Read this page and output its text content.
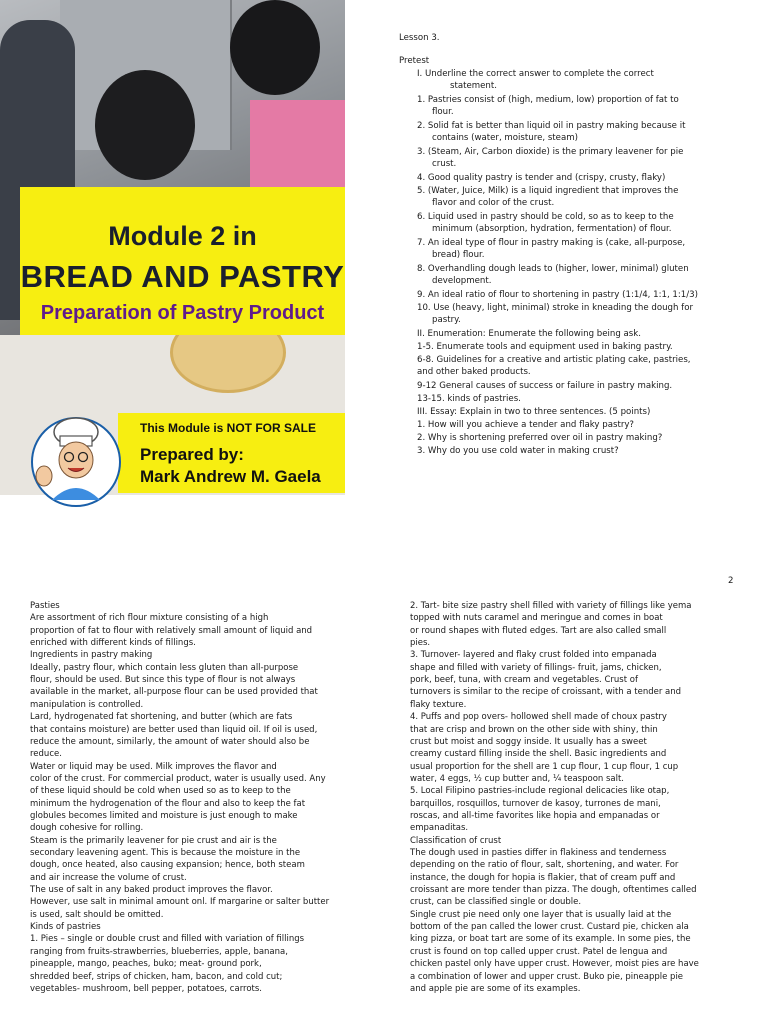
Module 2 in
BREAD AND PASTRY
Preparation of Pastry Product
This Module is NOT FOR SALE
Prepared by:
Mark Andrew M. Gaela
Lesson 3.
Pretest
I. Underline the correct answer to complete the correct
statement.
1. Pastries consist of (high, medium, low) proportion of fat to
flour.
2. Solid fat is better than liquid oil in pastry making because it
contains (water, moisture, steam)
3. (Steam, Air, Carbon dioxide) is the primary leavener for pie
crust.
4. Good quality pastry is tender and (crispy, crusty, flaky)
5. (Water, Juice, Milk) is a liquid ingredient that improves the
flavor and color of the crust.
6. Liquid used in pastry should be cold, so as to keep to the
minimum (absorption, hydration, fermentation) of flour.
7. An ideal type of flour in pastry making is (cake, all-purpose,
bread) flour.
8. Overhandling dough leads to (higher, lower, minimal) gluten
development.
9. An ideal ratio of flour to shortening in pastry (1:1/4, 1:1, 1:1/3)
10. Use (heavy, light, minimal) stroke in kneading the dough for
pastry.
II. Enumeration: Enumerate the following being ask.
1-5. Enumerate tools and equipment used in baking pastry.
6-8. Guidelines for a creative and artistic plating cake, pastries,
and other baked products.
9-12 General causes of success or failure in pastry making.
13-15. kinds of pastries.
III. Essay: Explain in two to three sentences. (5 points)
1. How will you achieve a tender and flaky pastry?
2. Why is shortening preferred over oil in pastry making?
3. Why do you use cold water in making crust?
2
Pasties
Are assortment of rich flour mixture consisting of a high
proportion of fat to flour with relatively small amount of liquid and
enriched with different kinds of fillings.
Ingredients in pastry making
Ideally, pastry flour, which contain less gluten than all-purpose
flour, should be used. But since this type of flour is not always
available in the market, all-purpose flour can be used provided that
manipulation is controlled.
Lard, hydrogenated fat shortening, and butter (which are fats
that contains moisture) are better used than liquid oil. If oil is used,
reduce the amount, similarly, the amount of water should also be
reduce.
Water or liquid may be used. Milk improves the flavor and
color of the crust. For commercial product, water is usually used. Any
of these liquid should be cold when used so as to keep to the
minimum the hydrogenation of the flour and also to keep the fat
globules becomes limited and moisture is just enough to make
dough cohesive for rolling.
Steam is the primarily leavener for pie crust and air is the
secondary leavening agent. This is because the moisture in the
dough, once heated, also causing expansion; hence, both steam
and air increase the volume of crust.
The use of salt in any baked product improves the flavor.
However, use salt in minimal amount onl. If margarine or salter butter
is used, salt should be omitted.
Kinds of pastries
1. Pies – single or double crust and filled with variation of fillings
ranging from fruits-strawberries, blueberries, apple, banana,
pineapple, mango, peaches, buko; meat- ground pork,
shredded beef, strips of chicken, ham, bacon, and cold cut;
vegetables- mushroom, bell pepper, potatoes, carrots.
2. Tart- bite size pastry shell filled with variety of fillings like yema
topped with nuts caramel and meringue and comes in boat
or round shapes with fluted edges. Tart are also called small
pies.
3. Turnover- layered and flaky crust folded into empanada
shape and filled with variety of fillings- fruit, jams, chicken,
pork, beef, tuna, with cream and vegetables. Crust of
turnovers is similar to the recipe of croissant, with a tender and
flaky texture.
4. Puffs and pop overs- hollowed shell made of choux pastry
that are crisp and brown on the other side with shiny, thin
crust but moist and soggy inside. It usually has a sweet
creamy custard filling inside the shell. Basic ingredients and
usual proportion for the shell are 1 cup flour, 1 cup flour, 1 cup
water, 4 eggs, ½ cup butter and, ¼ teaspoon salt.
5. Local Filipino pastries-include regional delicacies like otap,
barquillos, rosquillos, turnover de kasoy, turrones de mani,
roscas, and all-time favorites like hopia and empanadas or
empanaditas.
Classification of crust
The dough used in pasties differ in flakiness and tenderness
depending on the ratio of flour, salt, shortening, and water. For
instance, the dough for hopia is flakier, that of cream puff and
croissant are more tender than pizza. The dough, oftentimes called
crust, can be classified single or double.
Single crust pie need only one layer that is usually laid at the
bottom of the pan called the lower crust. Custard pie, chicken ala
king pizza, or boat tart are some of its example. In some pies, the
crust is found on top called upper crust. Patel de lengua and
chicken pastel only have upper crust. However, moist pies are have
a combination of lower and upper crust. Buko pie, pineapple pie
and apple pie are some of its examples.
